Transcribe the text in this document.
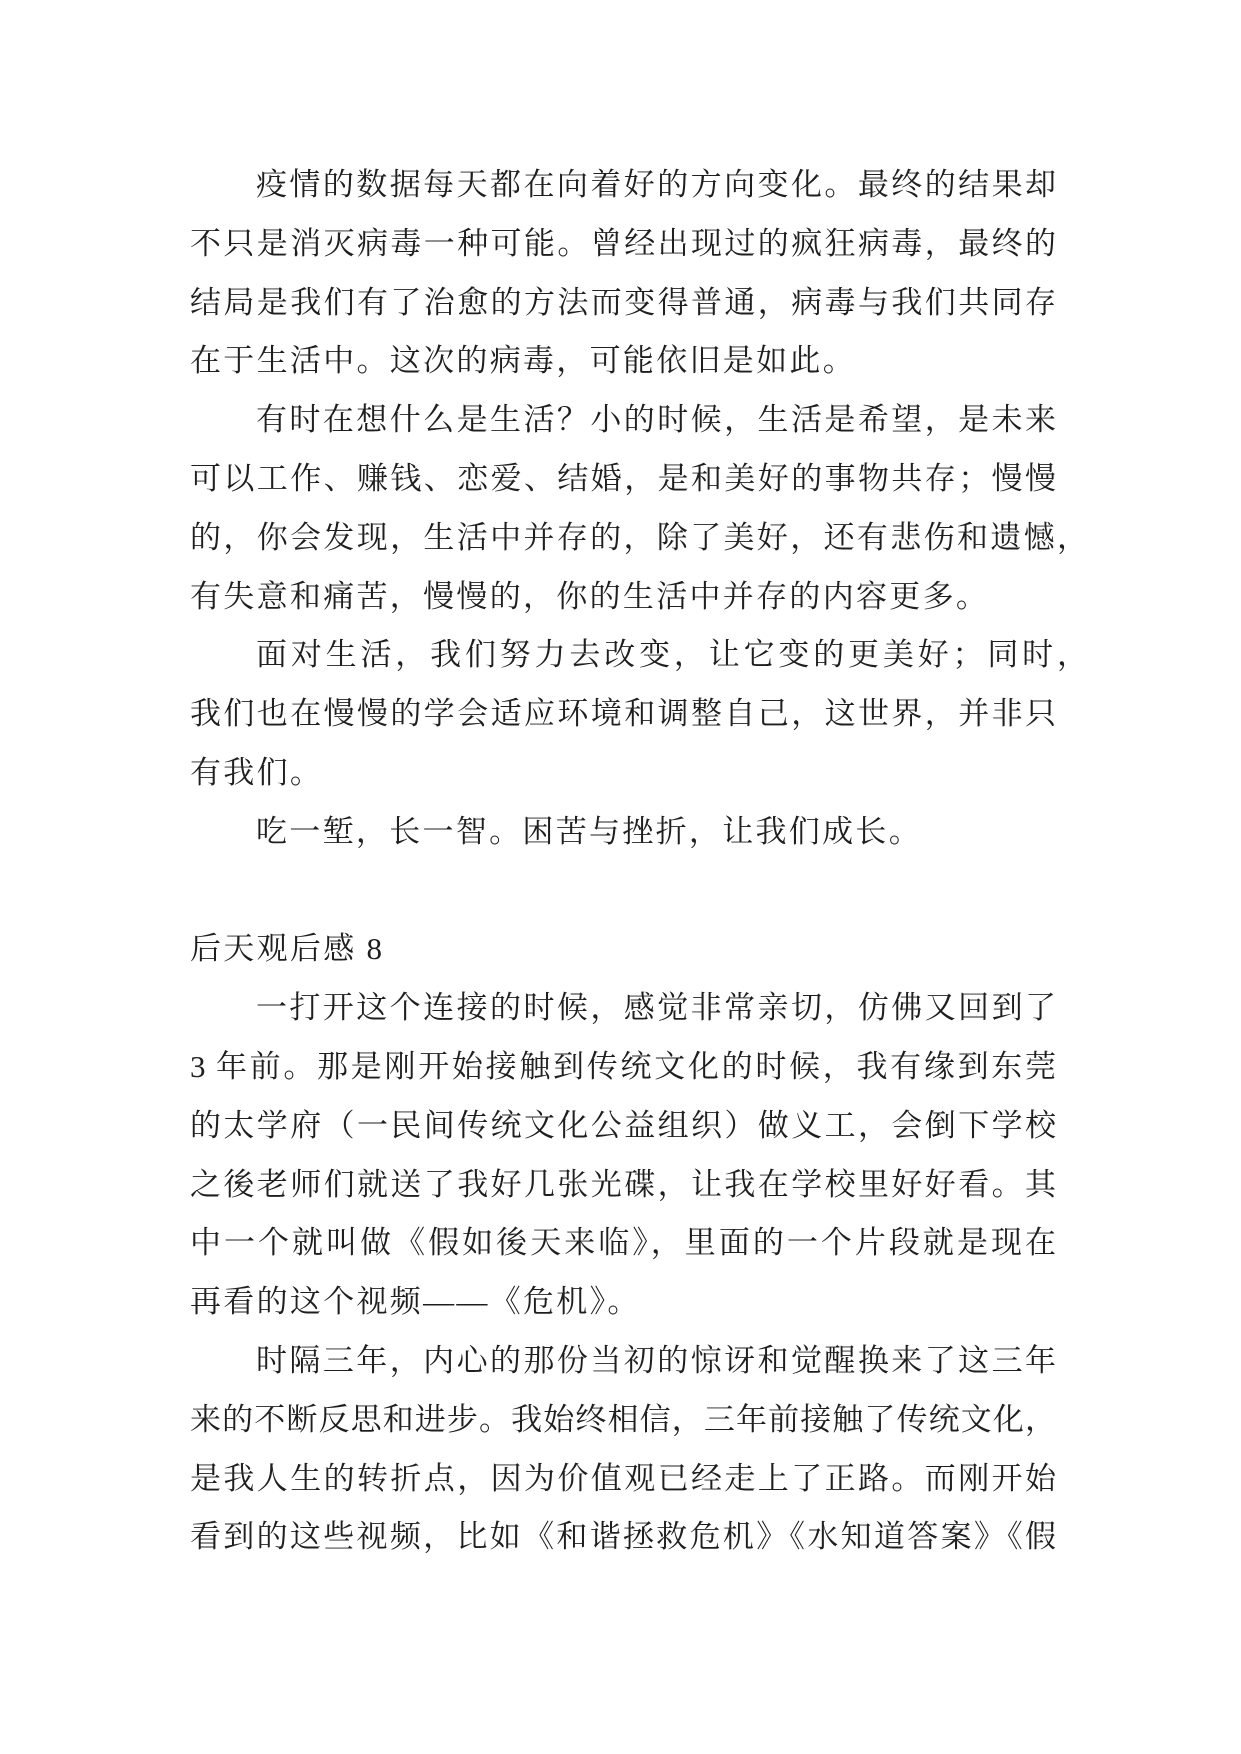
疫情的数据每天都在向着好的方向变化。最终的结果却
不只是消灭病毒一种可能。曾经出现过的疯狂病毒，最终的
结局是我们有了治愈的方法而变得普通，病毒与我们共同存
在于生活中。这次的病毒，可能依旧是如此。
有时在想什么是生活？小的时候，生活是希望，是未来
可以工作、赚钱、恋爱、结婚，是和美好的事物共存；慢慢
的，你会发现，生活中并存的，除了美好，还有悲伤和遗憾，
有失意和痛苦，慢慢的，你的生活中并存的内容更多。
面对生活，我们努力去改变，让它变的更美好；同时，
我们也在慢慢的学会适应环境和调整自己，这世界，并非只
有我们。
吃一堑，长一智。困苦与挫折，让我们成长。
后天观后感 8
一打开这个连接的时候，感觉非常亲切，仿佛又回到了
3 年前。那是刚开始接触到传统文化的时候，我有缘到东莞
的太学府（一民间传统文化公益组织）做义工，会倒下学校
之後老师们就送了我好几张光碟，让我在学校里好好看。其
中一个就叫做《假如後天来临》，里面的一个片段就是现在
再看的这个视频——《危机》。
时隔三年，内心的那份当初的惊讶和觉醒换来了这三年
来的不断反思和进步。我始终相信，三年前接触了传统文化，
是我人生的转折点，因为价值观已经走上了正路。而刚开始
看到的这些视频，比如《和谐拯救危机》《水知道答案》《假
